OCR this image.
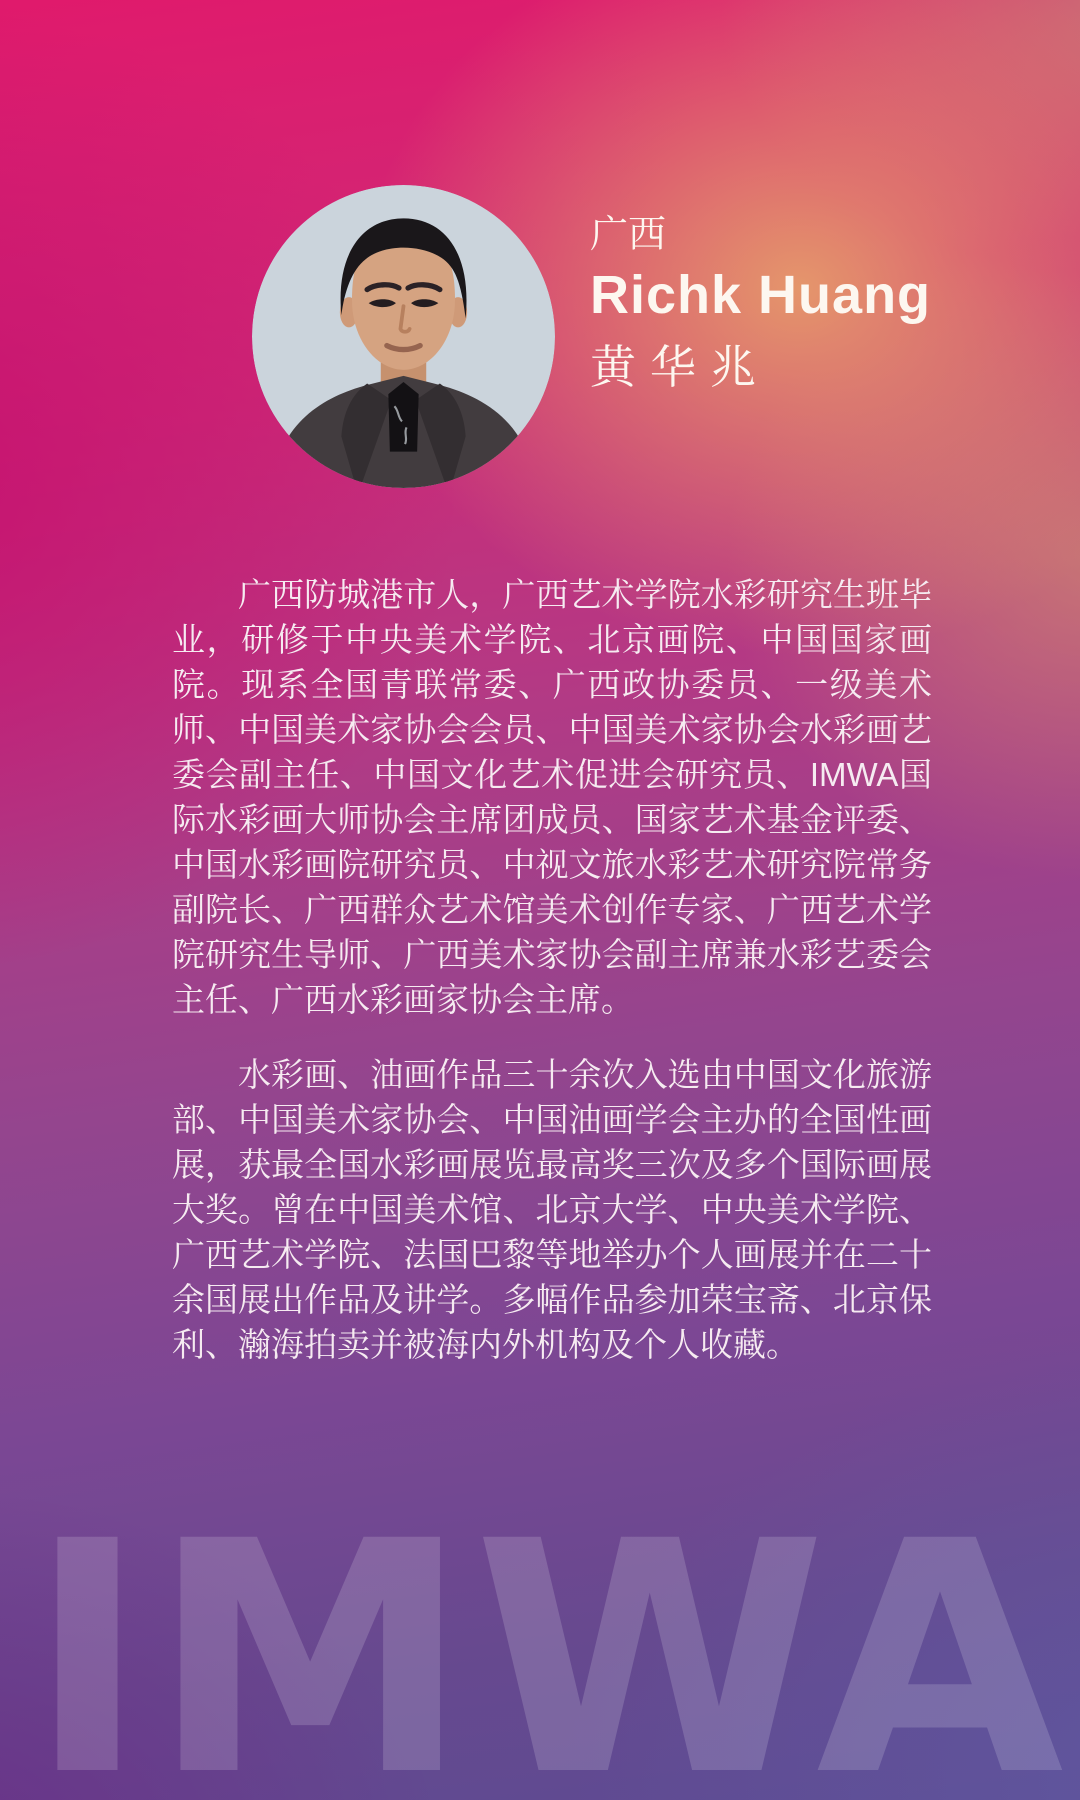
广西
Richk Huang
黄华兆

广西防城港市人，广西艺术学院水彩研究生班毕业，研修于中央美术学院、北京画院、中国国家画院。现系全国青联常委、广西政协委员、一级美术师、中国美术家协会会员、中国美术家协会水彩画艺委会副主任、中国文化艺术促进会研究员、IMWA国际水彩画大师协会主席团成员、国家艺术基金评委、中国水彩画院研究员、中视文旅水彩艺术研究院常务副院长、广西群众艺术馆美术创作专家、广西艺术学院研究生导师、广西美术家协会副主席兼水彩艺委会主任、广西水彩画家协会主席。

水彩画、油画作品三十余次入选由中国文化旅游部、中国美术家协会、中国油画学会主办的全国性画展，获最全国水彩画展览最高奖三次及多个国际画展大奖。曾在中国美术馆、北京大学、中央美术学院、广西艺术学院、法国巴黎等地举办个人画展并在二十余国展出作品及讲学。多幅作品参加荣宝斋、北京保利、瀚海拍卖并被海内外机构及个人收藏。

IMWA
